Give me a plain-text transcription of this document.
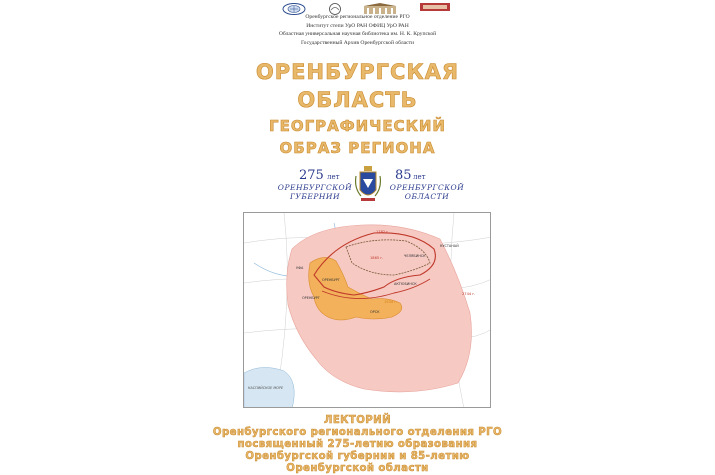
Оренбургское региональное отделение РГО
Институт степи УрО РАН ОФИЦ УрО РАН
Областная универсальная научная библиотека им. Н. К. Крупской
Государственный Архив Оренбургской области
ОРЕНБУРГСКАЯ
ОБЛАСТЬ
ГЕОГРАФИЧЕСКИЙ
ОБРАЗ РЕГИОНА
275 лет
ОРЕНБУРГСКОЙ
ГУБЕРНИИ
85 лет
ОРЕНБУРГСКОЙ
ОБЛАСТИ
1782 г.
1865 г.
1934 г.
2744 г.
ОРЕНБУРГ
ЧЕЛЯБИНСК
ОРСК
УФА
ОРЕНБУРГ
КУСТАНАЙ
АКТЮБИНСК
КАСПИЙСКОЕ МОРЕ
ЛЕКТОРИЙ
Оренбургского регионального отделения РГО
посвященный 275-летию образования
Оренбургской губернии и 85-летию
Оренбургской области
